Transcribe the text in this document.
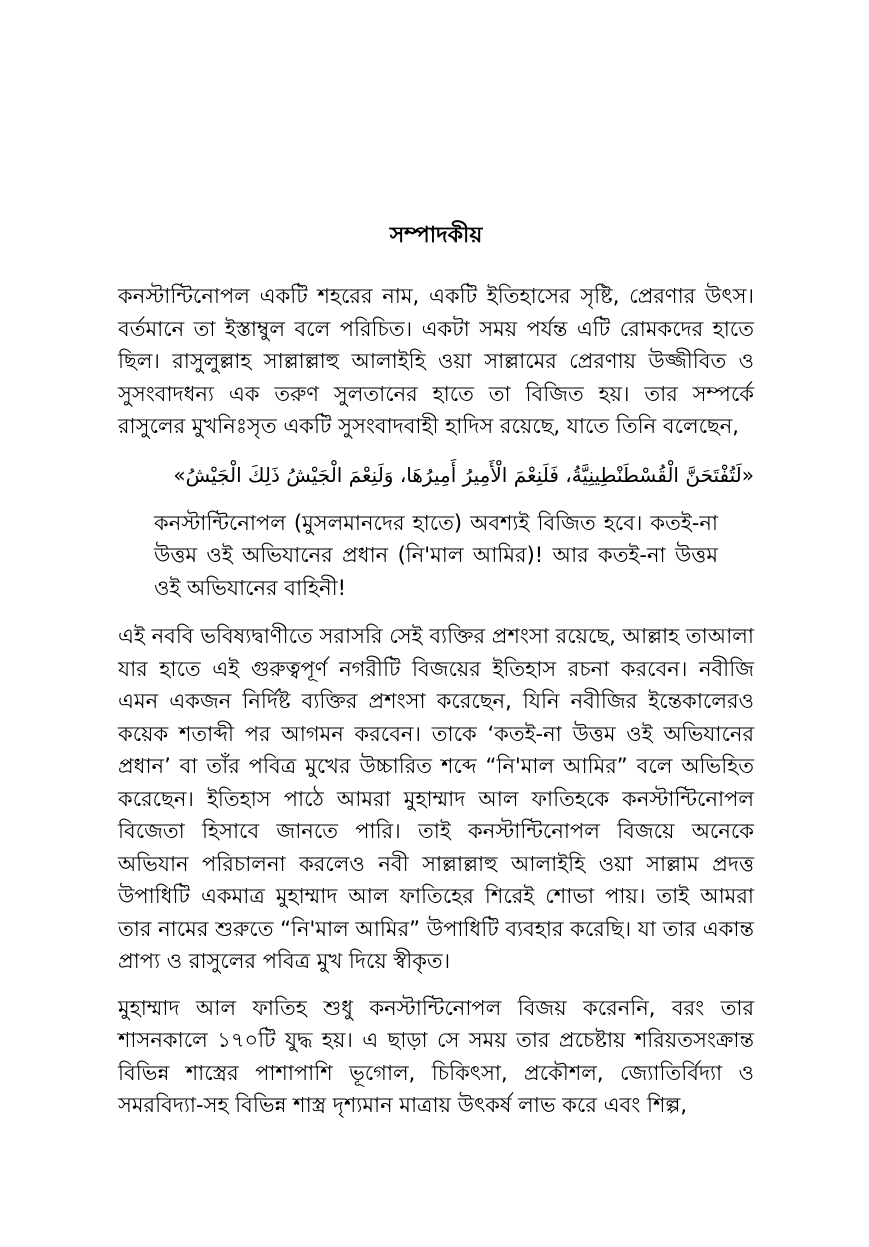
সম্পাদকীয়

কনস্টান্টিনোপল একটি শহরের নাম, একটি ইতিহাসের সৃষ্টি, প্রেরণার উৎস। বর্তমানে তা ইস্তাম্বুল বলে পরিচিত। একটা সময় পর্যন্ত এটি রোমকদের হাতে ছিল। রাসুলুল্লাহ সাল্লাল্লাহু আলাইহি ওয়া সাল্লামের প্রেরণায় উজ্জীবিত ও সুসংবাদধন্য এক তরুণ সুলতানের হাতে তা বিজিত হয়। তার সম্পর্কে রাসুলের মুখনিঃসৃত একটি সুসংবাদবাহী হাদিস রয়েছে, যাতে তিনি বলেছেন,

«لَتُفْتَحَنَّ الْقُسْطَنْطِينِيَّةُ، فَلَنِعْمَ الْأَمِيرُ أَمِيرُهَا، وَلَنِعْمَ الْجَيْشُ ذَلِكَ الْجَيْشُ»

কনস্টান্টিনোপল (মুসলমানদের হাতে) অবশ্যই বিজিত হবে। কতই-না উত্তম ওই অভিযানের প্রধান (নি'মাল আমির)! আর কতই-না উত্তম ওই অভিযানের বাহিনী!

এই নববি ভবিষ্যদ্বাণীতে সরাসরি সেই ব্যক্তির প্রশংসা রয়েছে, আল্লাহ তাআলা যার হাতে এই গুরুত্বপূর্ণ নগরীটি বিজয়ের ইতিহাস রচনা করবেন। নবীজি এমন একজন নির্দিষ্ট ব্যক্তির প্রশংসা করেছেন, যিনি নবীজির ইন্তেকালেরও কয়েক শতাব্দী পর আগমন করবেন। তাকে ‘কতই-না উত্তম ওই অভিযানের প্রধান’ বা তাঁর পবিত্র মুখের উচ্চারিত শব্দে “নি'মাল আমির” বলে অভিহিত করেছেন। ইতিহাস পাঠে আমরা মুহাম্মাদ আল ফাতিহকে কনস্টান্টিনোপল বিজেতা হিসাবে জানতে পারি। তাই কনস্টান্টিনোপল বিজয়ে অনেকে অভিযান পরিচালনা করলেও নবী সাল্লাল্লাহু আলাইহি ওয়া সাল্লাম প্রদত্ত উপাধিটি একমাত্র মুহাম্মাদ আল ফাতিহের শিরেই শোভা পায়। তাই আমরা তার নামের শুরুতে “নি'মাল আমির” উপাধিটি ব্যবহার করেছি। যা তার একান্ত প্রাপ্য ও রাসুলের পবিত্র মুখ দিয়ে স্বীকৃত।

মুহাম্মাদ আল ফাতিহ শুধু কনস্টান্টিনোপল বিজয় করেননি, বরং তার শাসনকালে ১৭০টি যুদ্ধ হয়। এ ছাড়া সে সময় তার প্রচেষ্টায় শরিয়তসংক্রান্ত বিভিন্ন শাস্ত্রের পাশাপাশি ভূগোল, চিকিৎসা, প্রকৌশল, জ্যোতির্বিদ্যা ও সমরবিদ্যা-সহ বিভিন্ন শাস্ত্র দৃশ্যমান মাত্রায় উৎকর্ষ লাভ করে এবং শিল্প,
